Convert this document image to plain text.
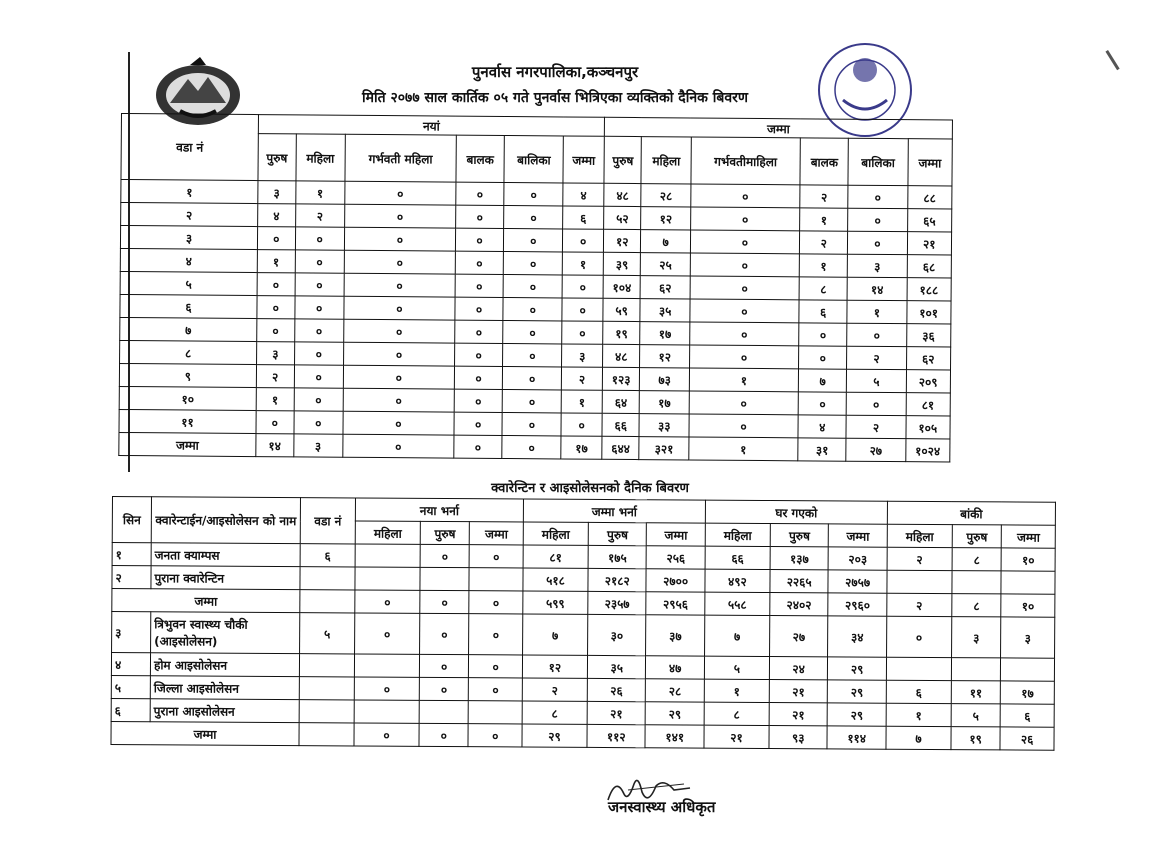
पुनर्वास नगरपालिका,कञ्चनपुर
मिति २०७७ साल कार्तिक ०५ गते पुनर्वास भित्रिएका व्यक्तिको दैनिक बिवरण
वडा नं	नयां						जम्मा					
	पुरुष	महिला	गर्भवती महिला	बालक	बालिका	जम्मा	पुरुष	महिला	गर्भवतीमाहिला	बालक	बालिका	जम्मा
१	३	१	०	०	०	४	४८	२८	०	२	०	८८
२	४	२	०	०	०	६	५२	१२	०	१	०	६५
३	०	०	०	०	०	०	१२	७	०	२	०	२१
४	१	०	०	०	०	१	३९	२५	०	१	३	६८
५	०	०	०	०	०	०	१०४	६२	०	८	१४	१८८
६	०	०	०	०	०	०	५९	३५	०	६	१	१०१
७	०	०	०	०	०	०	१९	१७	०	०	०	३६
८	३	०	०	०	०	३	४८	१२	०	०	२	६२
९	२	०	०	०	०	२	१२३	७३	१	७	५	२०९
१०	१	०	०	०	०	१	६४	१७	०	०	०	८१
११	०	०	०	०	०	०	६६	३३	०	४	२	१०५
जम्मा	१४	३	०	०	०	१७	६४४	३२१	१	३१	२७	१०२४
क्वारेन्टिन र आइसोलेसनको दैनिक बिवरण
सिन	क्वारेन्टाईन/आइसोलेसन को नाम	वडा नं	नया भर्ना			जम्मा भर्ना			घर गएको			बांकी		
			महिला	पुरुष	जम्मा	महिला	पुरुष	जम्मा	महिला	पुरुष	जम्मा	महिला	पुरुष	जम्मा
१	जनता क्याम्पस	६		०	०	८१	१७५	२५६	६६	१३७	२०३	२	८	१०
२	पुराना क्वारेन्टिन					५१८	२१८२	२७००	४९२	२२६५	२७५७			
जम्मा			०	०	०	५९९	२३५७	२९५६	५५८	२४०२	२९६०	२	८	१०
३	त्रिभुवन स्वास्थ्य चौकी (आइसोलेसन)	५	०	०	०	७	३०	३७	७	२७	३४	०	३	३
४	होम आइसोलेसन			०	०	१२	३५	४७	५	२४	२९			
५	जिल्ला आइसोलेसन		०	०	०	२	२६	२८	१	२१	२९	६	११	१७
६	पुराना आइसोलेसन					८	२१	२९	८	२१	२९	१	५	६
जम्मा			०	०	०	२९	११२	१४१	२१	९३	११४	७	१९	२६
जनस्वास्थ्य अधिकृत
